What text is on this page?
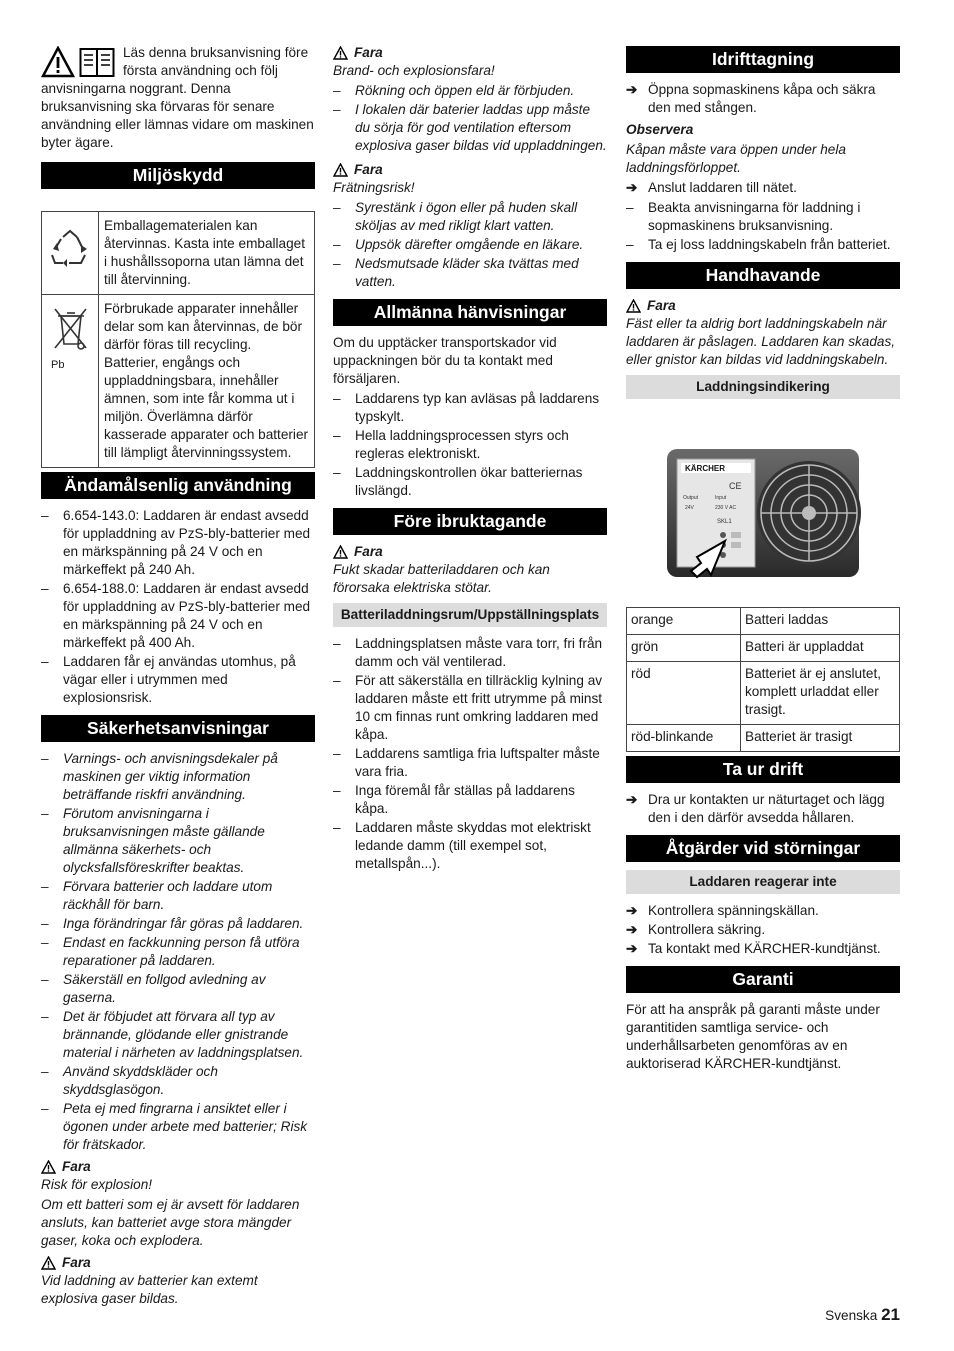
Läs denna bruksanvisning före första användning och följ anvisningarna noggrant. Denna bruksanvisning ska förvaras för senare användning eller lämnas vidare om maskinen byter ägare.

Miljöskydd
	Emballagematerialen kan återvinnas. Kasta inte emballaget i hushållssoporna utan lämna det till återvinning.

Pb	Förbrukade apparater innehåller delar som kan återvinnas, de bör därför föras till recycling. Batterier, engångs och uppladdningsbara, innehåller ämnen, som inte får komma ut i miljön. Överlämna därför kasserade apparater och batterier till lämpligt återvinningssystem.
Ändamålsenlig användning
– 6.654-143.0: Laddaren är endast avsedd för uppladdning av PzS-bly-batterier med en märkspänning på 24 V och en märkeffekt på 240 Ah.
– 6.654-188.0: Laddaren är endast avsedd för uppladdning av PzS-bly-batterier med en märkspänning på 24 V och en märkeffekt på 400 Ah.
– Laddaren får ej användas utomhus, på vägar eller i utrymmen med explosionsrisk.
Säkerhetsanvisningar
– Varnings- och anvisningsdekaler på maskinen ger viktig information beträffande riskfri användning.
– Förutom anvisningarna i bruksanvisningen måste gällande allmänna säkerhets- och olycksfallsföreskrifter beaktas.
– Förvara batterier och laddare utom räckhåll för barn.
– Inga förändringar får göras på laddaren.
– Endast en fackkunning person få utföra reparationer på laddaren.
– Säkerställ en follgod avledning av gaserna.
– Det är föbjudet att förvara all typ av brännande, glödande eller gnistrande material i närheten av laddningsplatsen.
– Använd skyddskläder och skyddsglasögon.
– Peta ej med fingrarna i ansiktet eller i ögonen under arbete med batterier; Risk för frätskador.
Fara

Risk för explosion!

Om ett batteri som ej är avsett för laddaren ansluts, kan batteriet avge stora mängder gaser, koka och explodera.

Fara

Vid laddning av batterier kan extemt explosiva gaser bildas.

Fara

Brand- och explosionsfara!

– Rökning och öppen eld är förbjuden.
– I lokalen där baterier laddas upp måste du sörja för god ventilation eftersom explosiva gaser bildas vid uppladdningen.
Fara

Frätningsrisk!

– Syrestänk i ögon eller på huden skall sköljas av med rikligt klart vatten.
– Uppsök därefter omgående en läkare.
– Nedsmutsade kläder ska tvättas med vatten.
Allmänna hänvisningar

Om du upptäcker transportskador vid uppackningen bör du ta kontakt med försäljaren.

– Laddarens typ kan avläsas på laddarens typskylt.
– Hella laddningsprocessen styrs och regleras elektroniskt.
– Laddningskontrollen ökar batteriernas livslängd.
Före ibruktagande
Fara

Fukt skadar batteriladdaren och kan förorsaka elektriska stötar.

Batteriladdningsrum/Uppställningsplats
– Laddningsplatsen måste vara torr, fri från damm och väl ventilerad.
– För att säkerställa en tillräcklig kylning av laddaren måste ett fritt utrymme på minst 10 cm finnas runt omkring laddaren med kåpa.
– Laddarens samtliga fria luftspalter måste vara fria.
– Inga föremål får ställas på laddarens kåpa.
– Laddaren måste skyddas mot elektriskt ledande damm (till exempel sot, metallspån...).
Idrifttagning
➔ Öppna sopmaskinens kåpa och säkra den med stången.

Observera

Kåpan måste vara öppen under hela laddningsförloppet.

➔ Anslut laddaren till nätet.
– Beakta anvisningarna för laddning i sopmaskinens bruksanvisning.
– Ta ej loss laddningskabeln från batteriet.
Handhavande
Fara

Fäst eller ta aldrig bort laddningskabeln när laddaren är påslagen. Laddaren kan skadas, eller gnistor kan bildas vid laddningskabeln.

Laddningsindikering
KÄRCHER
CE
Output	Input
24V	230 V AC
SKL1
orange	Batteri laddas
grön	Batteri är uppladdat
röd	Batteriet är ej anslutet, komplett urladdat eller trasigt.
röd-blinkande	Batteriet är trasigt
Ta ur drift
➔ Dra ur kontakten ur näturtaget och lägg den i den därför avsedda hållaren.
Åtgärder vid störningar
Laddaren reagerar inte
➔ Kontrollera spänningskällan.
➔ Kontrollera säkring.
➔ Ta kontakt med KÄRCHER-kundtjänst.
Garanti

För att ha anspråk på garanti måste under garantitiden samtliga service- och underhållsarbeten genomföras av en auktoriserad KÄRCHER-kundtjänst.

Svenska 21
